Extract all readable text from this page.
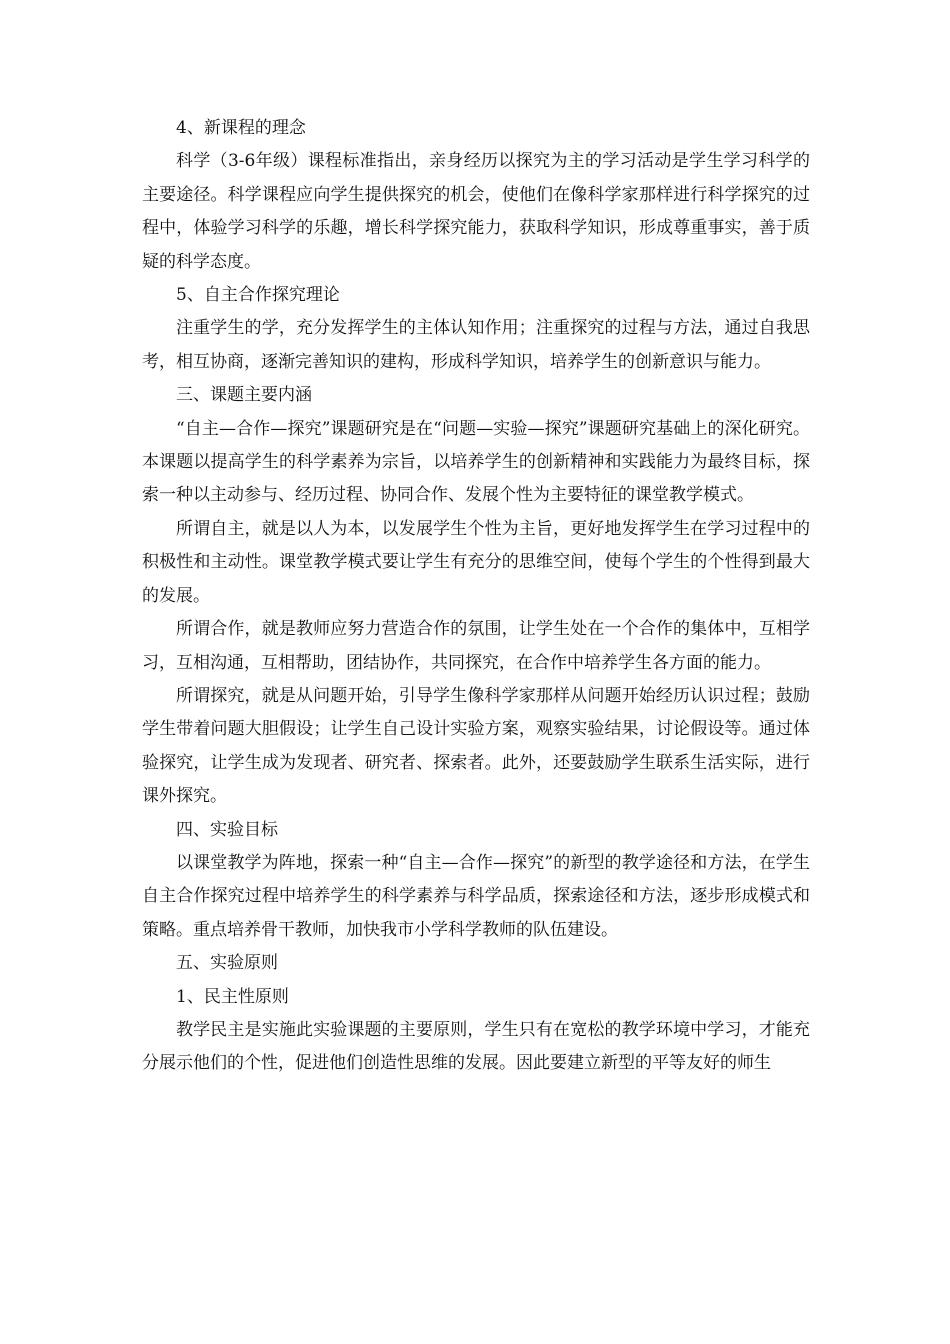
4、新课程的理念

科学（3-6年级）课程标准指出，亲身经历以探究为主的学习活动是学生学习科学的主要途径。科学课程应向学生提供探究的机会，使他们在像科学家那样进行科学探究的过程中，体验学习科学的乐趣，增长科学探究能力，获取科学知识，形成尊重事实，善于质疑的科学态度。

5、自主合作探究理论

注重学生的学，充分发挥学生的主体认知作用；注重探究的过程与方法，通过自我思考，相互协商，逐渐完善知识的建构，形成科学知识，培养学生的创新意识与能力。

三、课题主要内涵

“自主—合作—探究”课题研究是在“问题—实验—探究”课题研究基础上的深化研究。本课题以提高学生的科学素养为宗旨，以培养学生的创新精神和实践能力为最终目标，探索一种以主动参与、经历过程、协同合作、发展个性为主要特征的课堂教学模式。

所谓自主，就是以人为本，以发展学生个性为主旨，更好地发挥学生在学习过程中的积极性和主动性。课堂教学模式要让学生有充分的思维空间，使每个学生的个性得到最大的发展。

所谓合作，就是教师应努力营造合作的氛围，让学生处在一个合作的集体中，互相学习，互相沟通，互相帮助，团结协作，共同探究，在合作中培养学生各方面的能力。

所谓探究，就是从问题开始，引导学生像科学家那样从问题开始经历认识过程；鼓励学生带着问题大胆假设；让学生自己设计实验方案，观察实验结果，讨论假设等。通过体验探究，让学生成为发现者、研究者、探索者。此外，还要鼓励学生联系生活实际，进行课外探究。

四、实验目标

以课堂教学为阵地，探索一种“自主—合作—探究”的新型的教学途径和方法，在学生自主合作探究过程中培养学生的科学素养与科学品质，探索途径和方法，逐步形成模式和策略。重点培养骨干教师，加快我市小学科学教师的队伍建设。

五、实验原则

1、民主性原则

教学民主是实施此实验课题的主要原则，学生只有在宽松的教学环境中学习，才能充分展示他们的个性，促进他们创造性思维的发展。因此要建立新型的平等友好的师生
